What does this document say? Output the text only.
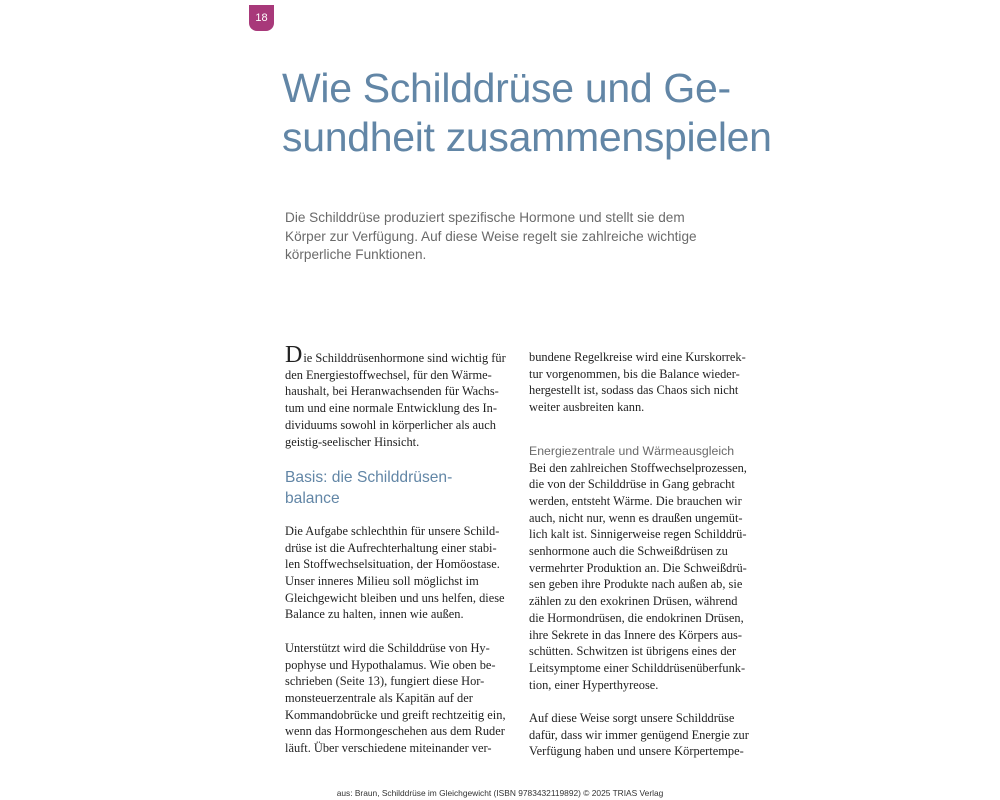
18
Wie Schilddrüse und Ge-
sundheit zusammenspielen
Die Schilddrüse produziert spezifische Hormone und stellt sie dem
Körper zur Verfügung. Auf diese Weise regelt sie zahlreiche wichtige
körperliche Funktionen.
Die Schilddrüsenhormone sind wichtig für
den Energiestoffwechsel, für den Wärme-
haushalt, bei Heranwachsenden für Wachs-
tum und eine normale Entwicklung des In-
dividuums sowohl in körperlicher als auch
geistig-seelischer Hinsicht.
Basis: die Schilddrüsen-
balance
Die Aufgabe schlechthin für unsere Schild-
drüse ist die Aufrechterhaltung einer stabi-
len Stoffwechselsituation, der Homöostase.
Unser inneres Milieu soll möglichst im
Gleichgewicht bleiben und uns helfen, diese
Balance zu halten, innen wie außen.
Unterstützt wird die Schilddrüse von Hy-
pophyse und Hypothalamus. Wie oben be-
schrieben (Seite 13), fungiert diese Hor-
monsteuerzentrale als Kapitän auf der
Kommandobrücke und greift rechtzeitig ein,
wenn das Hormongeschehen aus dem Ruder
läuft. Über verschiedene miteinander ver-
bundene Regelkreise wird eine Kurskorrek-
tur vorgenommen, bis die Balance wieder-
hergestellt ist, sodass das Chaos sich nicht
weiter ausbreiten kann.
Energiezentrale und Wärmeausgleich
Bei den zahlreichen Stoffwechselprozessen,
die von der Schilddrüse in Gang gebracht
werden, entsteht Wärme. Die brauchen wir
auch, nicht nur, wenn es draußen ungemüt-
lich kalt ist. Sinnigerweise regen Schilddrü-
senhormone auch die Schweißdrüsen zu
vermehrter Produktion an. Die Schweißdrü-
sen geben ihre Produkte nach außen ab, sie
zählen zu den exokrinen Drüsen, während
die Hormondrüsen, die endokrinen Drüsen,
ihre Sekrete in das Innere des Körpers aus-
schütten. Schwitzen ist übrigens eines der
Leitsymptome einer Schilddrüsenüberfunk-
tion, einer Hyperthyreose.
Auf diese Weise sorgt unsere Schilddrüse
dafür, dass wir immer genügend Energie zur
Verfügung haben und unsere Körpertempe-
aus: Braun, Schilddrüse im Gleichgewicht (ISBN 9783432119892) © 2025 TRIAS Verlag
